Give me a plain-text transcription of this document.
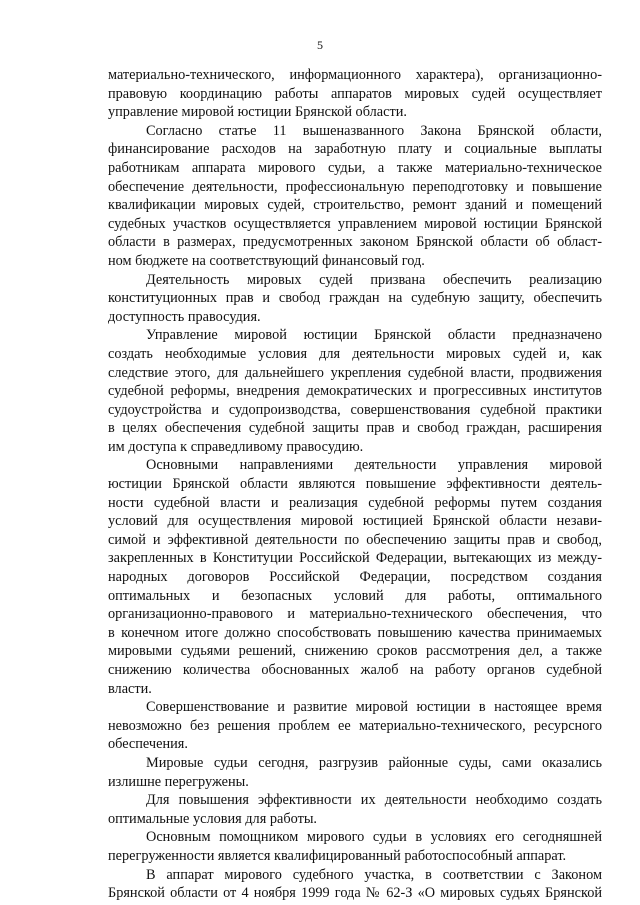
5

материально-технического, информационного характера), организационно-
правовую координацию работы аппаратов мировых судей осуществляет
управление мировой юстиции Брянской области.

Согласно статье 11 вышеназванного Закона Брянской области,
финансирование расходов на заработную плату и социальные выплаты
работникам аппарата мирового судьи, а также материально-техническое
обеспечение деятельности, профессиональную переподготовку и повышение
квалификации мировых судей, строительство, ремонт зданий и помещений
судебных участков осуществляется управлением мировой юстиции Брянской
области в размерах, предусмотренных законом Брянской области об област-
ном бюджете на соответствующий финансовый год.

Деятельность мировых судей призвана обеспечить реализацию
конституционных прав и свобод граждан на судебную защиту, обеспечить
доступность правосудия.

Управление мировой юстиции Брянской области предназначено
создать необходимые условия для деятельности мировых судей и, как
следствие этого, для дальнейшего укрепления судебной власти, продвижения
судебной реформы, внедрения демократических и прогрессивных институтов
судоустройства и судопроизводства, совершенствования судебной практики
в целях обеспечения судебной защиты прав и свобод граждан, расширения
им доступа к справедливому правосудию.

Основными направлениями деятельности управления мировой
юстиции Брянской области являются повышение эффективности деятель-
ности судебной власти и реализация судебной реформы путем создания
условий для осуществления мировой юстицией Брянской области незави-
симой и эффективной деятельности по обеспечению защиты прав и свобод,
закрепленных в Конституции Российской Федерации, вытекающих из между-
народных договоров Российской Федерации, посредством создания
оптимальных и безопасных условий для работы, оптимального
организационно-правового и материально-технического обеспечения, что
в конечном итоге должно способствовать повышению качества принимаемых
мировыми судьями решений, снижению сроков рассмотрения дел, а также
снижению количества обоснованных жалоб на работу органов судебной
власти.

Совершенствование и развитие мировой юстиции в настоящее время
невозможно без решения проблем ее материально-технического, ресурсного
обеспечения.

Мировые судьи сегодня, разгрузив районные суды, сами оказались
излишне перегружены.

Для повышения эффективности их деятельности необходимо создать
оптимальные условия для работы.

Основным помощником мирового судьи в условиях его сегодняшней
перегруженности является квалифицированный работоспособный аппарат.

В аппарат мирового судебного участка, в соответствии с Законом
Брянской области от 4 ноября 1999 года № 62-З «О мировых судьях Брянской
